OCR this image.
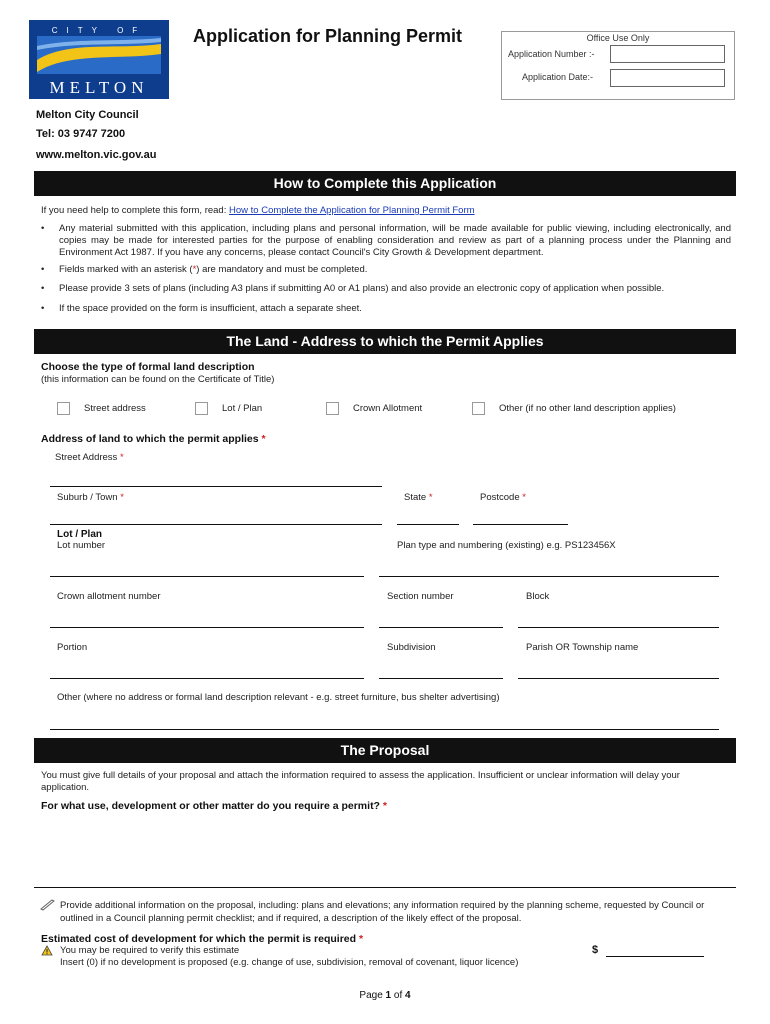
CITY OF
MELTON
Application for Planning Permit	Office Use Only
Application Number :-
Application Date:-
Melton City Council
Tel: 03 9747 7200
www.melton.vic.gov.au
How to Complete this Application
If you need help to complete this form, read: How to Complete the Application for Planning Permit Form
• Any material submitted with this application, including plans and personal information, will be made available for public viewing, including electronically, and copies may be made for interested parties for the purpose of enabling consideration and review as part of a planning process under the Planning and Environment Act 1987. If you have any concerns, please contact Council's City Growth & Development department.
• Fields marked with an asterisk (*) are mandatory and must be completed.
• Please provide 3 sets of plans (including A3 plans if submitting A0 or A1 plans) and also provide an electronic copy of application when possible.
• If the space provided on the form is insufficient, attach a separate sheet.
The Land - Address to which the Permit Applies
Choose the type of formal land description
(this information can be found on the Certificate of Title)
Street address	Lot / Plan	Crown Allotment	Other (if no other land description applies)
Address of land to which the permit applies *
Street Address *
Suburb / Town *	State *	Postcode *
Lot / Plan
Lot number	Plan type and numbering (existing) e.g. PS123456X
Crown allotment number	Section number	Block
Portion	Subdivision	Parish OR Township name
Other (where no address or formal land description relevant - e.g. street furniture, bus shelter advertising)
The Proposal
You must give full details of your proposal and attach the information required to assess the application. Insufficient or unclear information will delay your application.
For what use, development or other matter do you require a permit? *
Provide additional information on the proposal, including: plans and elevations; any information required by the planning scheme, requested by Council or outlined in a Council planning permit checklist; and if required, a description of the likely effect of the proposal.
Estimated cost of development for which the permit is required *
You may be required to verify this estimate
Insert (0) if no development is proposed (e.g. change of use, subdivision, removal of covenant, liquor licence)
$
Page 1 of 4
